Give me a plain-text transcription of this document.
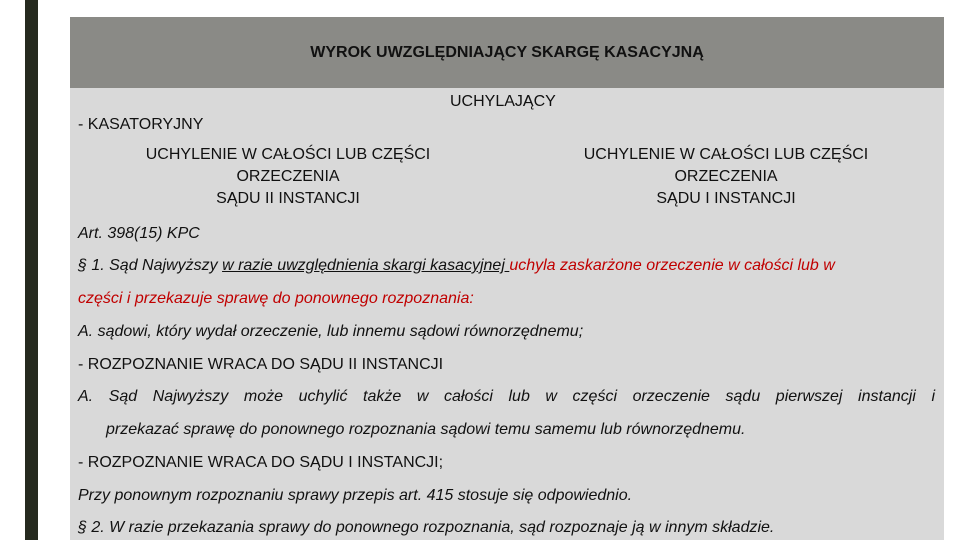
WYROK UWZGLĘDNIAJĄCY SKARGĘ KASACYJNĄ
UCHYLAJĄCY
- KASATORYJNY
UCHYLENIE W CAŁOŚCI LUB CZĘŚCI
ORZECZENIA
SĄDU II INSTANCJI
UCHYLENIE W CAŁOŚCI LUB CZĘŚCI
ORZECZENIA
SĄDU I INSTANCJI
Art. 398(15) KPC
§ 1. Sąd Najwyższy w razie uwzględnienia skargi kasacyjnej uchyla zaskarżone orzeczenie w całości lub w
części i przekazuje sprawę do ponownego rozpoznania:
A. sądowi, który wydał orzeczenie, lub innemu sądowi równorzędnemu;
- ROZPOZNANIE WRACA DO SĄDU II INSTANCJI
A. Sąd Najwyższy może uchylić także w całości lub w części orzeczenie sądu pierwszej instancji i
przekazać sprawę do ponownego rozpoznania sądowi temu samemu lub równorzędnemu.
- ROZPOZNANIE WRACA DO SĄDU I INSTANCJI;
Przy ponownym rozpoznaniu sprawy przepis art. 415 stosuje się odpowiednio.
§ 2. W razie przekazania sprawy do ponownego rozpoznania, sąd rozpoznaje ją w innym składzie.
